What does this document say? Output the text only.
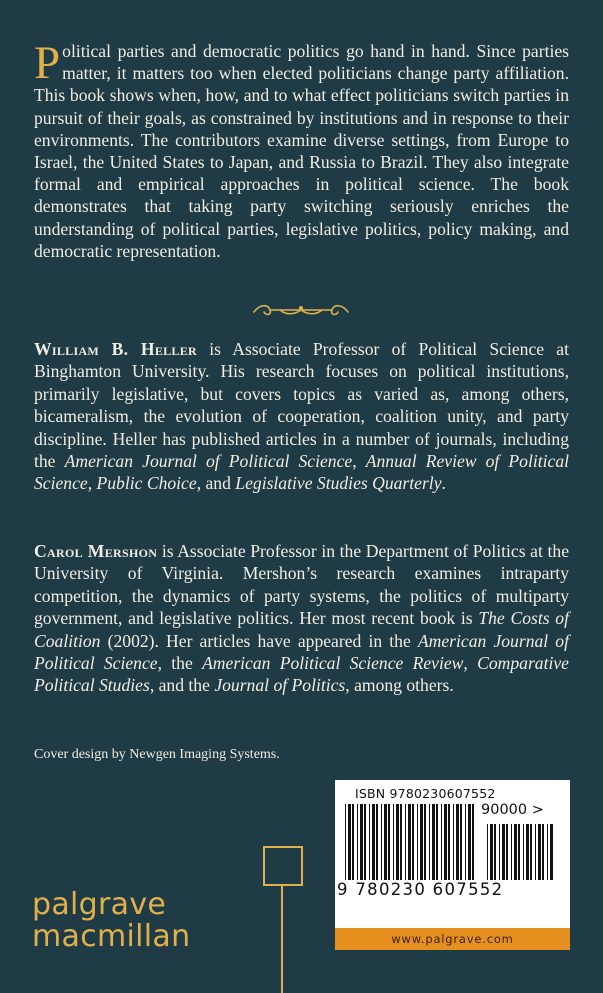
Political parties and democratic politics go hand in hand. Since parties matter, it matters too when elected politicians change party affiliation. This book shows when, how, and to what effect politicians switch parties in pursuit of their goals, as constrained by institutions and in response to their environments. The contributors examine diverse settings, from Europe to Israel, the United States to Japan, and Russia to Brazil. They also integrate formal and empirical approaches in political science. The book demonstrates that taking party switching seriously enriches the understanding of political parties, legislative politics, policy making, and democratic representation.

William B. Heller is Associate Professor of Political Science at Binghamton University. His research focuses on political institutions, primarily legislative, but covers topics as varied as, among others, bicameralism, the evolution of cooperation, coalition unity, and party discipline. Heller has published articles in a number of journals, including the American Journal of Political Science, Annual Review of Political Science, Public Choice, and Legislative Studies Quarterly.

Carol Mershon is Associate Professor in the Department of Politics at the University of Virginia. Mershon’s research examines intraparty competition, the dynamics of party systems, the politics of multiparty government, and legislative politics. Her most recent book is The Costs of Coalition (2002). Her articles have appeared in the American Journal of Political Science, the American Political Science Review, Comparative Political Studies, and the Journal of Politics, among others.

Cover design by Newgen Imaging Systems.

palgrave
macmillan
ISBN 9780230607552
90000 >
9 780230 607552
www.palgrave.com
